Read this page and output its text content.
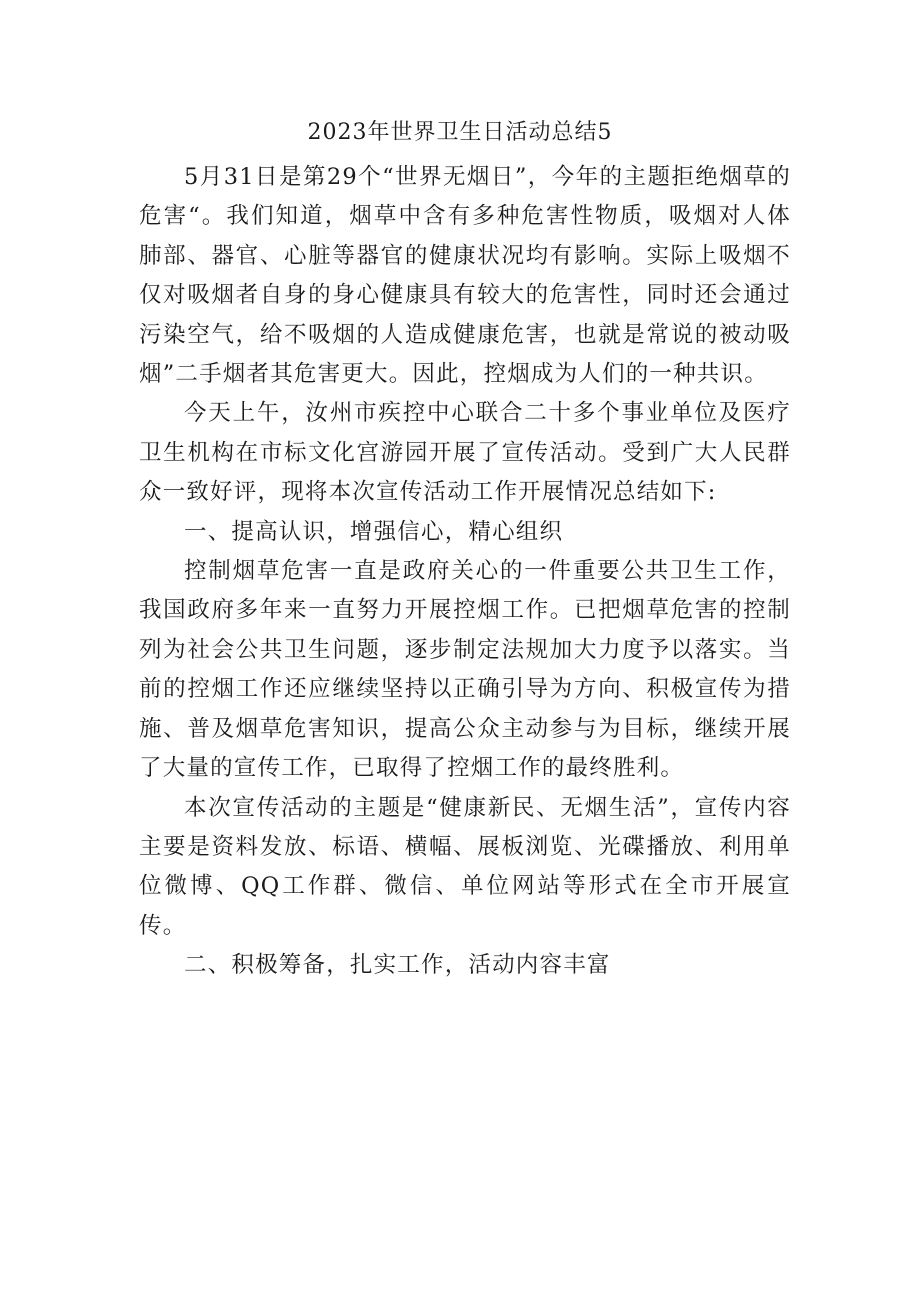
2023年世界卫生日活动总结5

5月31日是第29个“世界无烟日”，今年的主题拒绝烟草的危害“。我们知道，烟草中含有多种危害性物质，吸烟对人体肺部、器官、心脏等器官的健康状况均有影响。实际上吸烟不仅对吸烟者自身的身心健康具有较大的危害性，同时还会通过污染空气，给不吸烟的人造成健康危害，也就是常说的被动吸烟”二手烟者其危害更大。因此，控烟成为人们的一种共识。

今天上午，汝州市疾控中心联合二十多个事业单位及医疗卫生机构在市标文化宫游园开展了宣传活动。受到广大人民群众一致好评，现将本次宣传活动工作开展情况总结如下:

一、提高认识，增强信心，精心组织

控制烟草危害一直是政府关心的一件重要公共卫生工作，我国政府多年来一直努力开展控烟工作。已把烟草危害的控制列为社会公共卫生问题，逐步制定法规加大力度予以落实。当前的控烟工作还应继续坚持以正确引导为方向、积极宣传为措施、普及烟草危害知识，提高公众主动参与为目标，继续开展了大量的宣传工作，已取得了控烟工作的最终胜利。

本次宣传活动的主题是“健康新民、无烟生活”，宣传内容主要是资料发放、标语、横幅、展板浏览、光碟播放、利用单位微博、QQ工作群、微信、单位网站等形式在全市开展宣传。

二、积极筹备，扎实工作，活动内容丰富
